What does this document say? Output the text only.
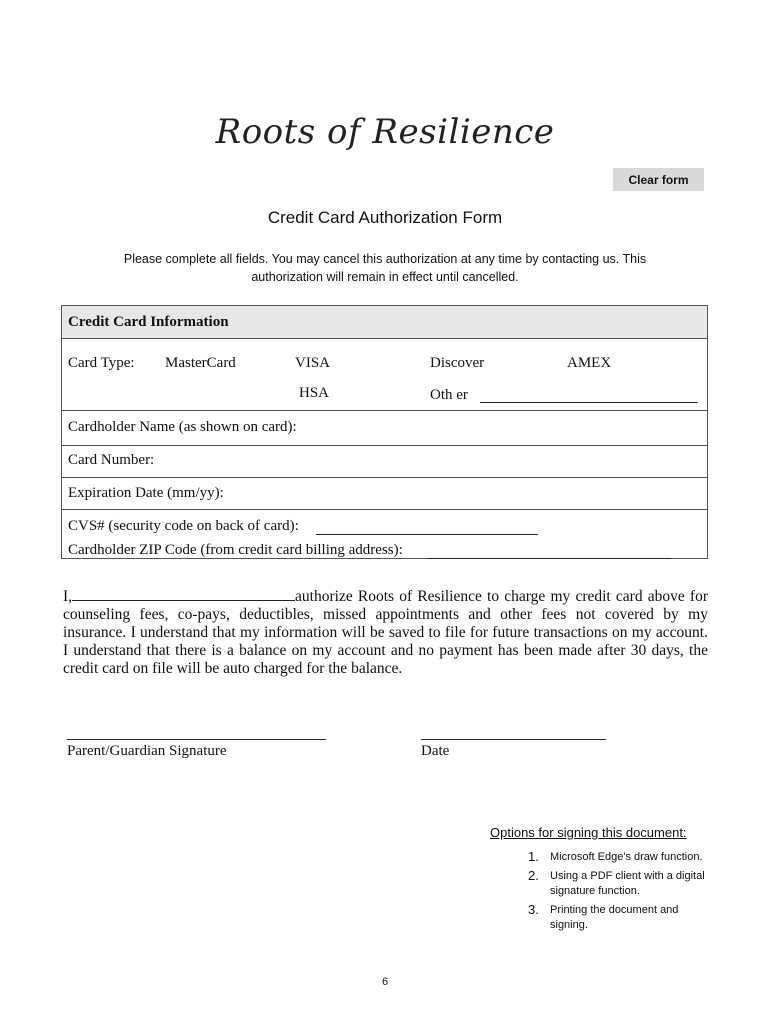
Roots of Resilience
Clear form
Credit Card Authorization Form
Please complete all fields. You may cancel this authorization at any time by contacting us. This authorization will remain in effect until cancelled.
Credit Card Information
Card Type: MasterCard	VISA	Discover	AMEX
HSA	Oth er
Cardholder Name (as shown on card):
Card Number:
Expiration Date (mm/yy):
CVS# (security code on back of card):
Cardholder ZIP Code (from credit card billing address):
I,	authorize Roots of Resilience to charge my credit card above for counseling fees, co-pays, deductibles, missed appointments and other fees not covered by my insurance. I understand that my information will be saved to file for future transactions on my account. I understand that there is a balance on my account and no payment has been made after 30 days, the credit card on file will be auto charged for the balance.
Parent/Guardian Signature	Date
Options for signing this document:
1. Microsoft Edge's draw function.
2. Using a PDF client with a digital signature function.
3. Printing the document and signing.
6
